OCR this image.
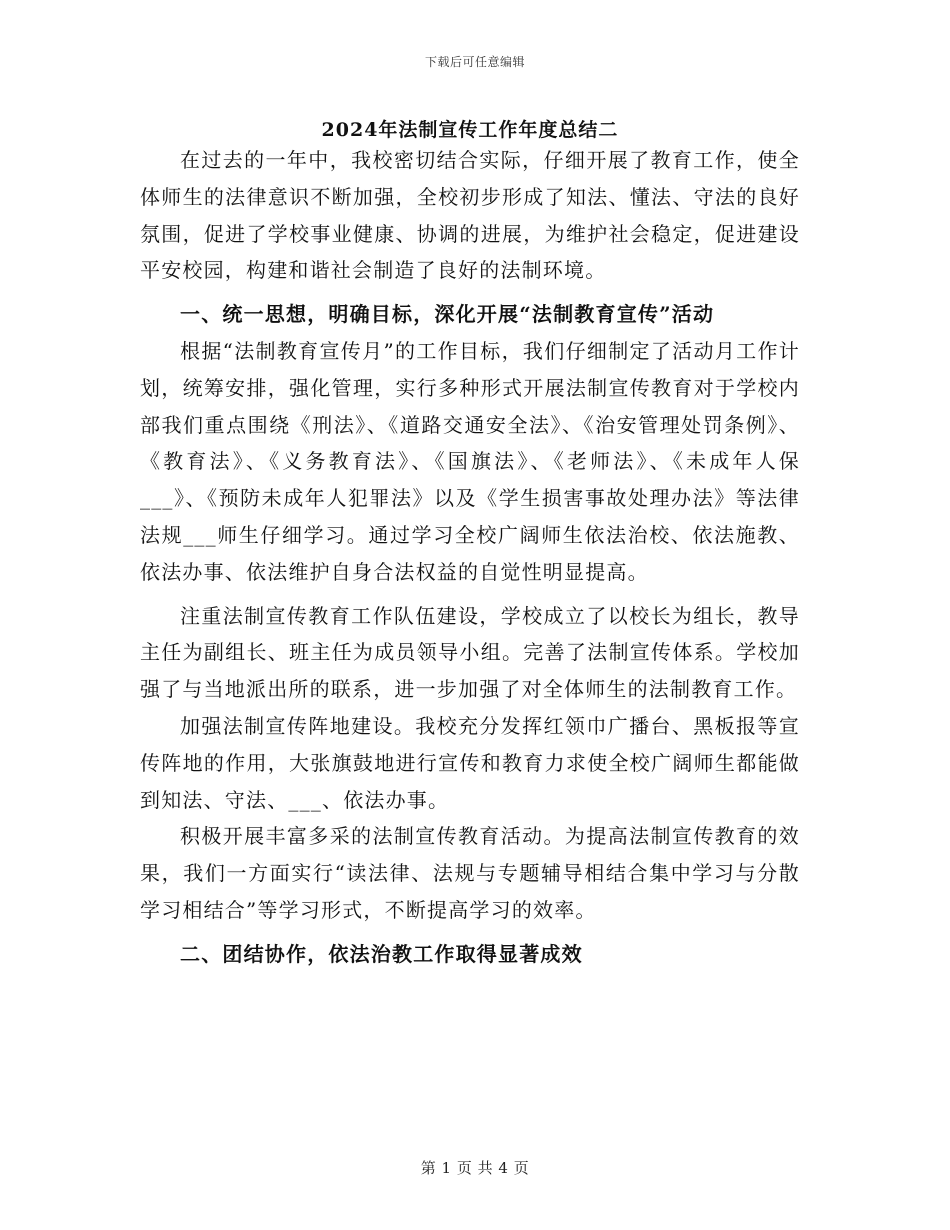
下载后可任意编辑
2024年法制宣传工作年度总结二

在过去的一年中，我校密切结合实际，仔细开展了教育工作，使全体师生的法律意识不断加强，全校初步形成了知法、懂法、守法的良好氛围，促进了学校事业健康、协调的进展，为维护社会稳定，促进建设平安校园，构建和谐社会制造了良好的法制环境。

一、统一思想，明确目标，深化开展“法制教育宣传”活动

根据“法制教育宣传月”的工作目标，我们仔细制定了活动月工作计划，统筹安排，强化管理，实行多种形式开展法制宣传教育对于学校内部我们重点围绕《刑法》、《道路交通安全法》、《治安管理处罚条例》、《教育法》、《义务教育法》、《国旗法》、《老师法》、《未成年人保___》、《预防未成年人犯罪法》以及《学生损害事故处理办法》等法律法规___师生仔细学习。通过学习全校广阔师生依法治校、依法施教、依法办事、依法维护自身合法权益的自觉性明显提高。

注重法制宣传教育工作队伍建设，学校成立了以校长为组长，教导主任为副组长、班主任为成员领导小组。完善了法制宣传体系。学校加强了与当地派出所的联系，进一步加强了对全体师生的法制教育工作。

加强法制宣传阵地建设。我校充分发挥红领巾广播台、黑板报等宣传阵地的作用，大张旗鼓地进行宣传和教育力求使全校广阔师生都能做到知法、守法、___、依法办事。

积极开展丰富多采的法制宣传教育活动。为提高法制宣传教育的效果，我们一方面实行“读法律、法规与专题辅导相结合集中学习与分散学习相结合”等学习形式，不断提高学习的效率。

二、团结协作，依法治教工作取得显著成效

第 1 页 共 4 页
